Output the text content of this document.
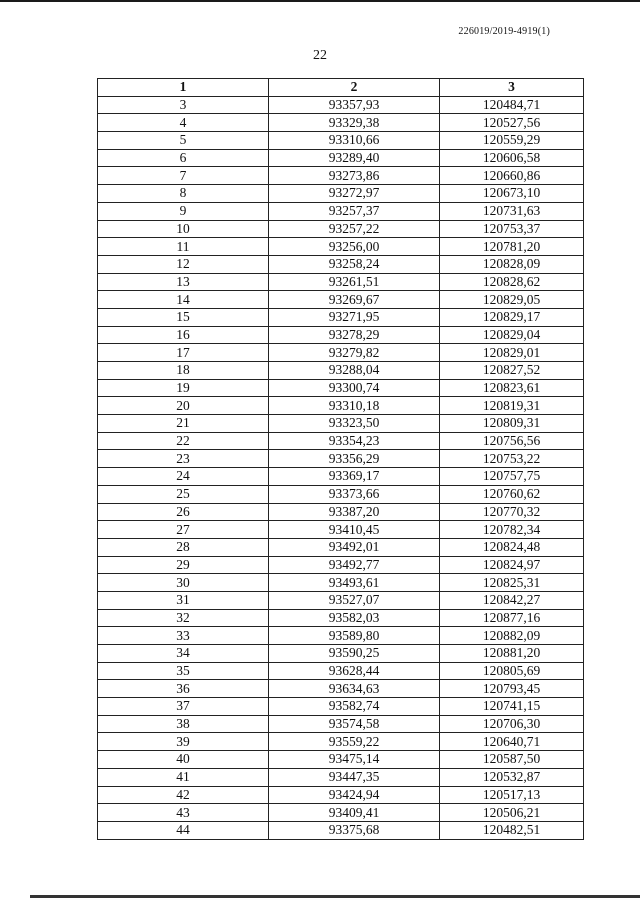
226019/2019-4919(1)
22
1	2	3
3	93357,93	120484,71
4	93329,38	120527,56
5	93310,66	120559,29
6	93289,40	120606,58
7	93273,86	120660,86
8	93272,97	120673,10
9	93257,37	120731,63
10	93257,22	120753,37
11	93256,00	120781,20
12	93258,24	120828,09
13	93261,51	120828,62
14	93269,67	120829,05
15	93271,95	120829,17
16	93278,29	120829,04
17	93279,82	120829,01
18	93288,04	120827,52
19	93300,74	120823,61
20	93310,18	120819,31
21	93323,50	120809,31
22	93354,23	120756,56
23	93356,29	120753,22
24	93369,17	120757,75
25	93373,66	120760,62
26	93387,20	120770,32
27	93410,45	120782,34
28	93492,01	120824,48
29	93492,77	120824,97
30	93493,61	120825,31
31	93527,07	120842,27
32	93582,03	120877,16
33	93589,80	120882,09
34	93590,25	120881,20
35	93628,44	120805,69
36	93634,63	120793,45
37	93582,74	120741,15
38	93574,58	120706,30
39	93559,22	120640,71
40	93475,14	120587,50
41	93447,35	120532,87
42	93424,94	120517,13
43	93409,41	120506,21
44	93375,68	120482,51
